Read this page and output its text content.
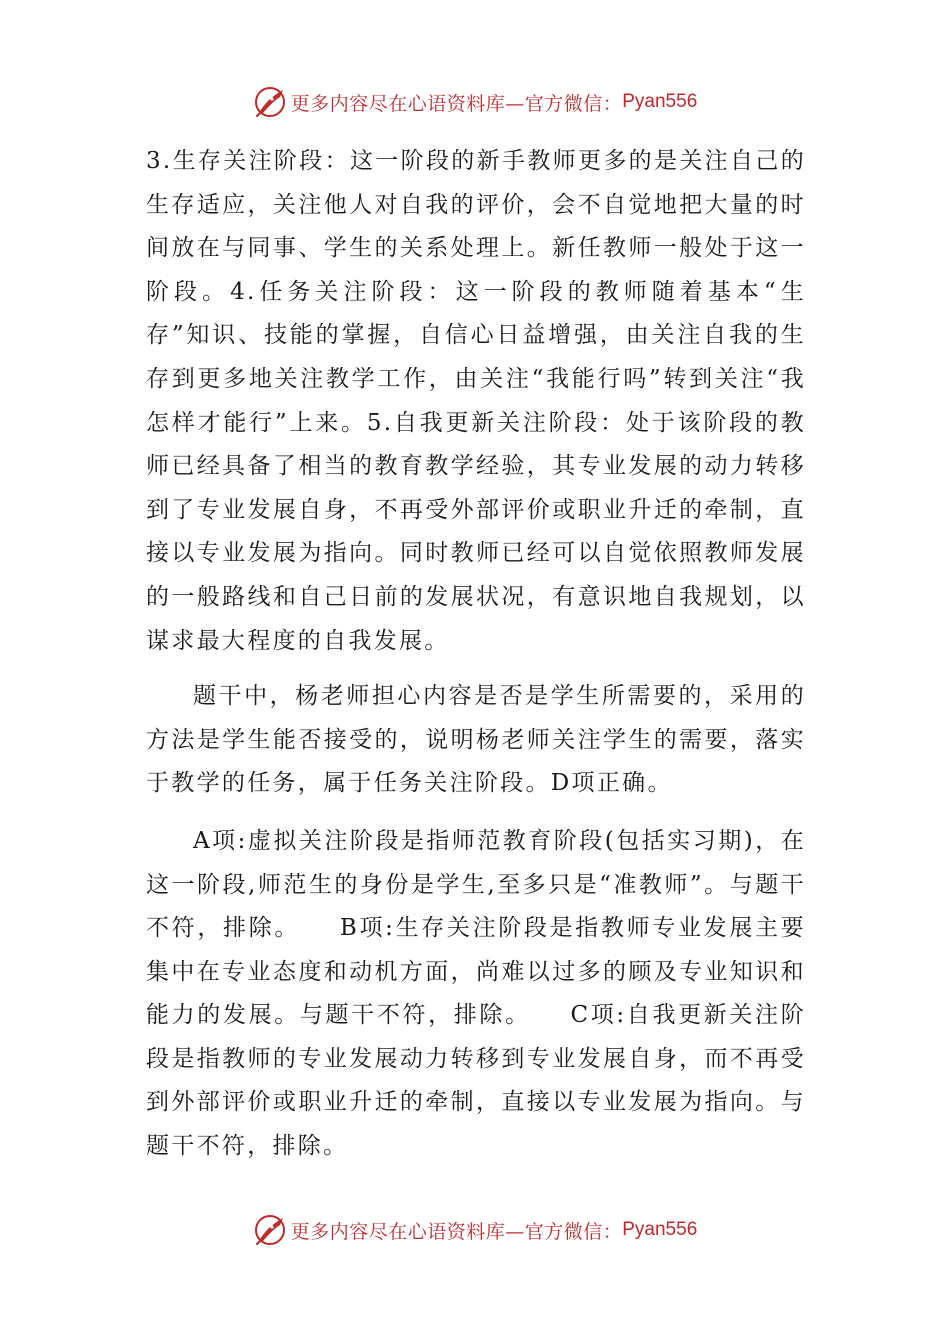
更多内容尽在心语资料库—官方微信： Pyan556

3.生存关注阶段：这一阶段的新手教师更多的是关注自己的生存适应，关注他人对自我的评价，会不自觉地把大量的时间放在与同事、学生的关系处理上。新任教师一般处于这一阶段。4.任务关注阶段：这一阶段的教师随着基本“生存”知识、技能的掌握，自信心日益增强，由关注自我的生存到更多地关注教学工作，由关注“我能行吗”转到关注“我怎样才能行”上来。5.自我更新关注阶段：处于该阶段的教师已经具备了相当的教育教学经验，其专业发展的动力转移到了专业发展自身，不再受外部评价或职业升迁的牵制，直接以专业发展为指向。同时教师已经可以自觉依照教师发展的一般路线和自己日前的发展状况，有意识地自我规划，以谋求最大程度的自我发展。

题干中，杨老师担心内容是否是学生所需要的，采用的方法是学生能否接受的，说明杨老师关注学生的需要，落实于教学的任务，属于任务关注阶段。D项正确。

A项:虚拟关注阶段是指师范教育阶段(包括实习期)，在这一阶段,师范生的身份是学生,至多只是“准教师”。与题干不符，排除。　　B项:生存关注阶段是指教师专业发展主要集中在专业态度和动机方面，尚难以过多的顾及专业知识和能力的发展。与题干不符，排除。　　C项:自我更新关注阶段是指教师的专业发展动力转移到专业发展自身，而不再受到外部评价或职业升迁的牵制，直接以专业发展为指向。与题干不符，排除。

更多内容尽在心语资料库—官方微信： Pyan556
